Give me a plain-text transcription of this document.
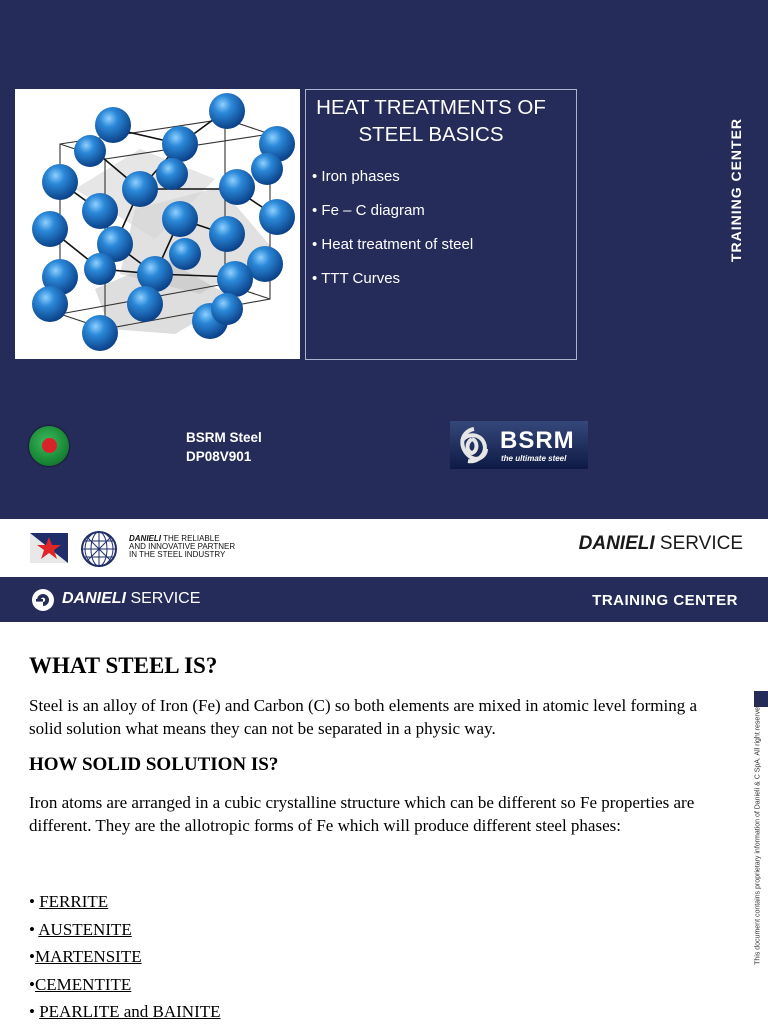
HEAT TREATMENTS OF STEEL BASICS
• Iron phases
• Fe – C diagram
• Heat treatment of steel
• TTT Curves
TRAINING CENTER
BSRM Steel
DP08V901
BSRM
the ultimate steel
DANIELI THE RELIABLE
AND INNOVATIVE PARTNER
IN THE STEEL INDUSTRY
DANIELI SERVICE
DANIELI SERVICE	TRAINING CENTER
WHAT STEEL IS?

Steel is an alloy of Iron (Fe) and Carbon (C) so both elements are mixed in atomic level forming a solid solution what means they can not be separated in a physic way.

HOW SOLID SOLUTION IS?

Iron atoms are arranged in a cubic crystalline structure which can be different so Fe properties are different. They are the allotropic forms of Fe which will produce different steel phases:

• FERRITE
• AUSTENITE
•MARTENSITE
•CEMENTITE
• PEARLITE and BAINITE
This document contains proprietary information of Danieli & C SpA. All right reserved.
